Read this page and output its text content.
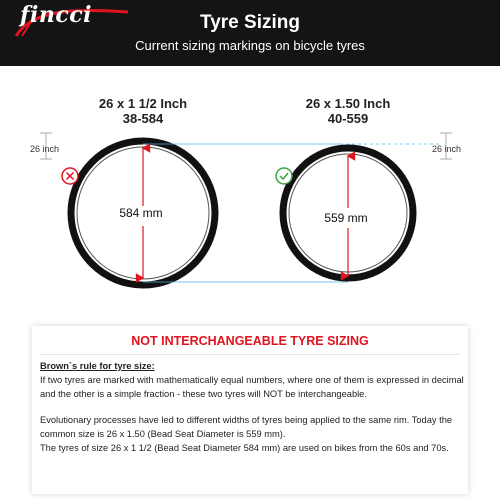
fincci	Tyre Sizing
Current sizing markings on bicycle tyres
584 mm	559 mm
26 x 1 1/2 Inch
38-584
26 x 1.50 Inch
40-559
26 inch	26 inch
NOT INTERCHANGEABLE TYRE SIZING

Brown`s rule for tyre size:

If two tyres are marked with mathematically equal numbers, where one of them is expressed in decimal and the other is a simple fraction - these two tyres will NOT be interchangeable.

Evolutionary processes have led to different widths of tyres being applied to the same rim. Today the common size is 26 x 1.50 (Bead Seat Diameter is 559 mm).

The tyres of size 26 x 1 1/2 (Bead Seat Diameter 584 mm) are used on bikes from the 60s and 70s.
